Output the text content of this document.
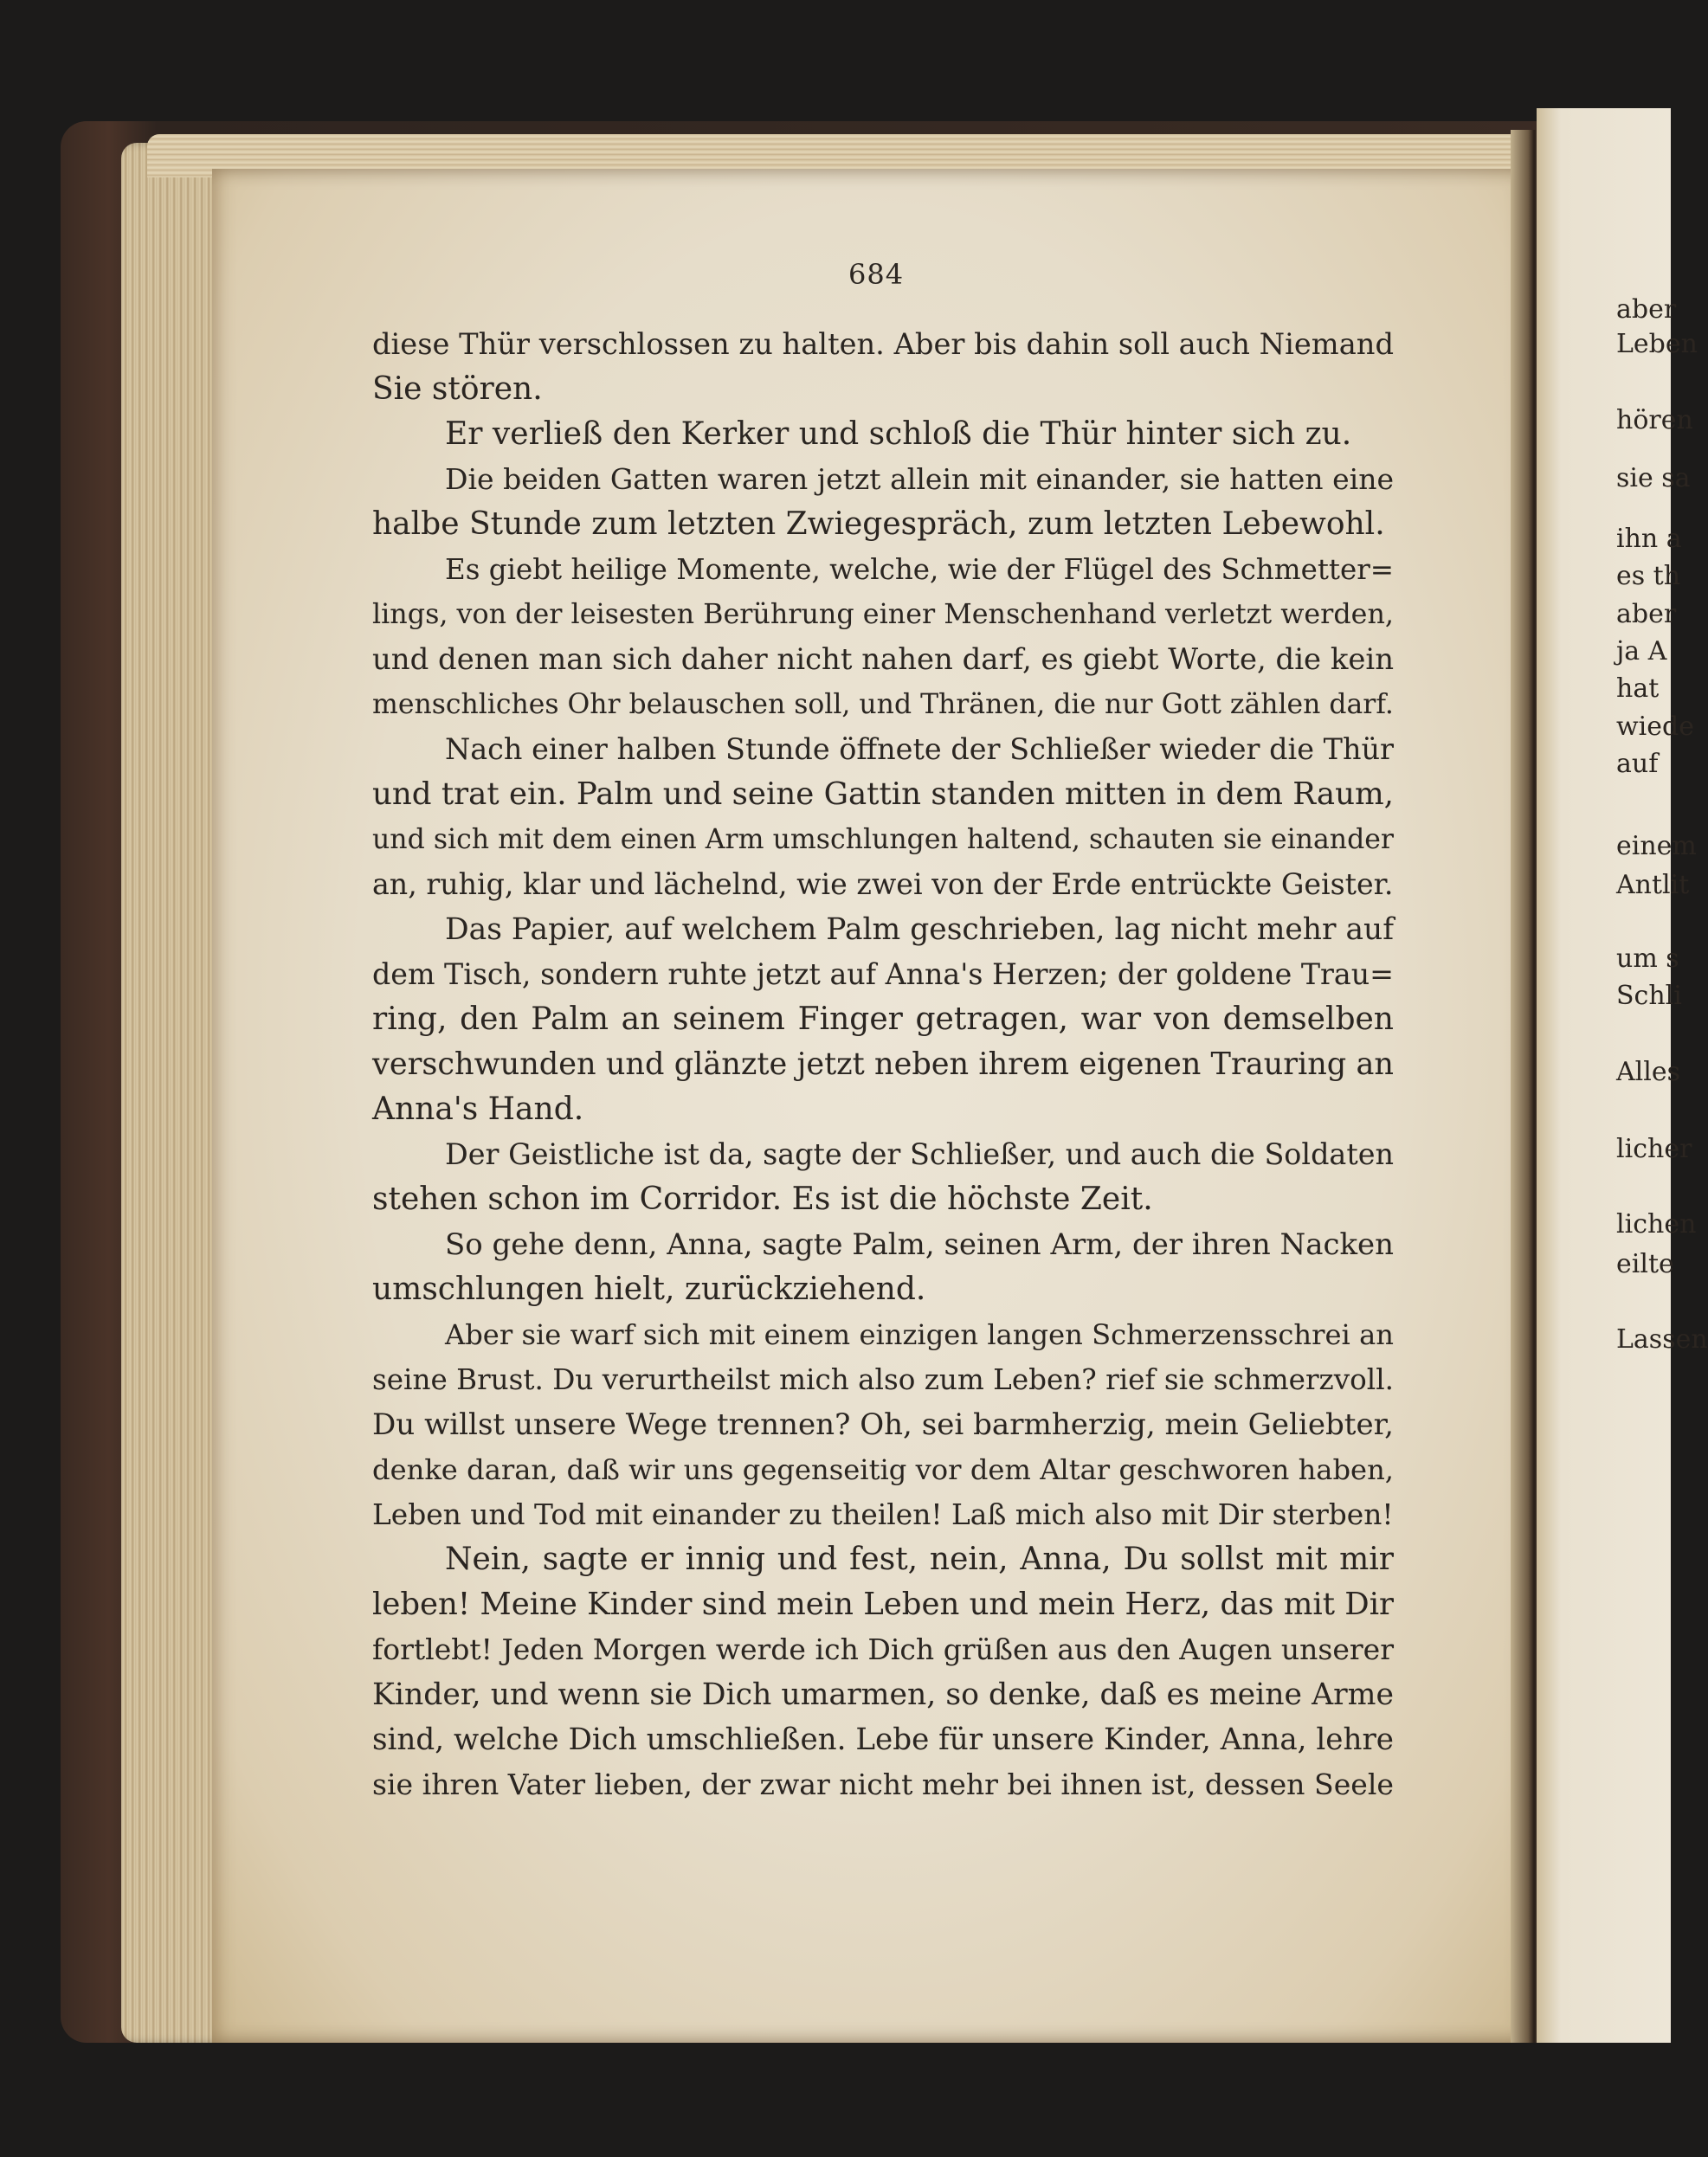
aber
Leben
hören
sie sa
ihn a
es th
aber
ja A
hat
wiede
auf
einem
Antlit
um s
Schli
Alles
licher
lichen
eilte
Lassen
684
diese Thür verschlossen zu halten. Aber bis dahin soll auch Niemand
Sie stören.
Er verließ den Kerker und schloß die Thür hinter sich zu.
Die beiden Gatten waren jetzt allein mit einander, sie hatten eine
halbe Stunde zum letzten Zwiegespräch, zum letzten Lebewohl.
Es giebt heilige Momente, welche, wie der Flügel des Schmetter=
lings, von der leisesten Berührung einer Menschenhand verletzt werden,
und denen man sich daher nicht nahen darf, es giebt Worte, die kein
menschliches Ohr belauschen soll, und Thränen, die nur Gott zählen darf.
Nach einer halben Stunde öffnete der Schließer wieder die Thür
und trat ein. Palm und seine Gattin standen mitten in dem Raum,
und sich mit dem einen Arm umschlungen haltend, schauten sie einander
an, ruhig, klar und lächelnd, wie zwei von der Erde entrückte Geister.
Das Papier, auf welchem Palm geschrieben, lag nicht mehr auf
dem Tisch, sondern ruhte jetzt auf Anna's Herzen; der goldene Trau=
ring, den Palm an seinem Finger getragen, war von demselben
verschwunden und glänzte jetzt neben ihrem eigenen Trauring an
Anna's Hand.
Der Geistliche ist da, sagte der Schließer, und auch die Soldaten
stehen schon im Corridor. Es ist die höchste Zeit.
So gehe denn, Anna, sagte Palm, seinen Arm, der ihren Nacken
umschlungen hielt, zurückziehend.
Aber sie warf sich mit einem einzigen langen Schmerzensschrei an
seine Brust. Du verurtheilst mich also zum Leben? rief sie schmerzvoll.
Du willst unsere Wege trennen? Oh, sei barmherzig, mein Geliebter,
denke daran, daß wir uns gegenseitig vor dem Altar geschworen haben,
Leben und Tod mit einander zu theilen! Laß mich also mit Dir sterben!
Nein, sagte er innig und fest, nein, Anna, Du sollst mit mir
leben! Meine Kinder sind mein Leben und mein Herz, das mit Dir
fortlebt! Jeden Morgen werde ich Dich grüßen aus den Augen unserer
Kinder, und wenn sie Dich umarmen, so denke, daß es meine Arme
sind, welche Dich umschließen. Lebe für unsere Kinder, Anna, lehre
sie ihren Vater lieben, der zwar nicht mehr bei ihnen ist, dessen Seele
